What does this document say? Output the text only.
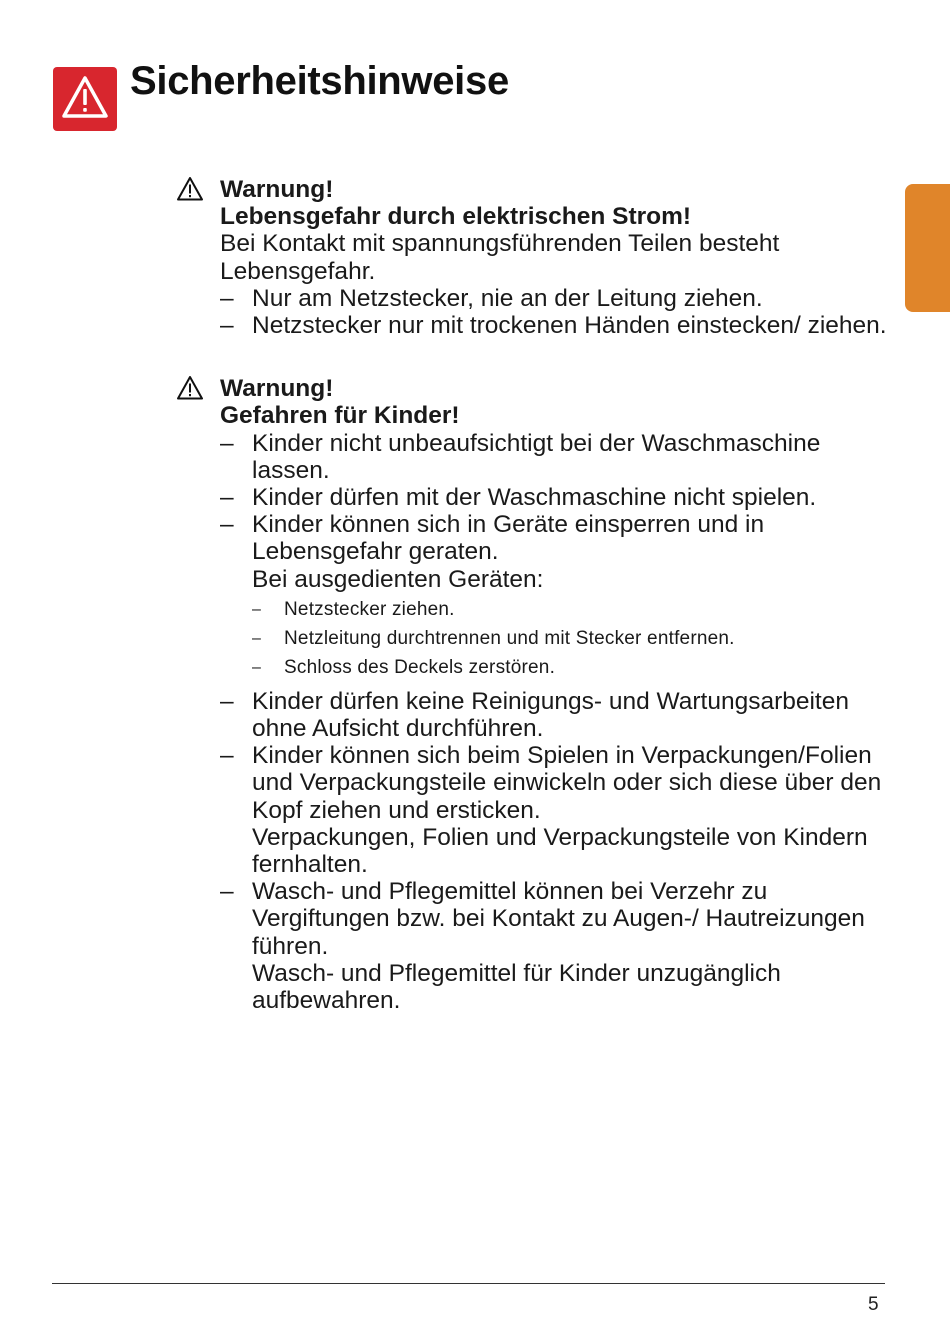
Sicherheitshinweise
Warnung!
Lebensgefahr durch elektrischen Strom!
Bei Kontakt mit spannungsführenden Teilen besteht Lebensgefahr.
– Nur am Netzstecker, nie an der Leitung ziehen.
– Netzstecker nur mit trockenen Händen einstecken/ ziehen.
Warnung!
Gefahren für Kinder!
– Kinder nicht unbeaufsichtigt bei der Waschmaschine lassen.
– Kinder dürfen mit der Waschmaschine nicht spielen.
– Kinder können sich in Geräte einsperren und in Lebensgefahr geraten.
Bei ausgedienten Geräten:
– Netzstecker ziehen.
– Netzleitung durchtrennen und mit Stecker entfernen.
– Schloss des Deckels zerstören.
– Kinder dürfen keine Reinigungs- und Wartungsarbeiten ohne Aufsicht durchführen.
– Kinder können sich beim Spielen in Verpackungen/Folien und Verpackungsteile einwickeln oder sich diese über den Kopf ziehen und ersticken.
Verpackungen, Folien und Verpackungsteile von Kindern fernhalten.
– Wasch- und Pflegemittel können bei Verzehr zu Vergiftungen bzw. bei Kontakt zu Augen-/ Hautreizungen führen.
Wasch- und Pflegemittel für Kinder unzugänglich aufbewahren.
5
